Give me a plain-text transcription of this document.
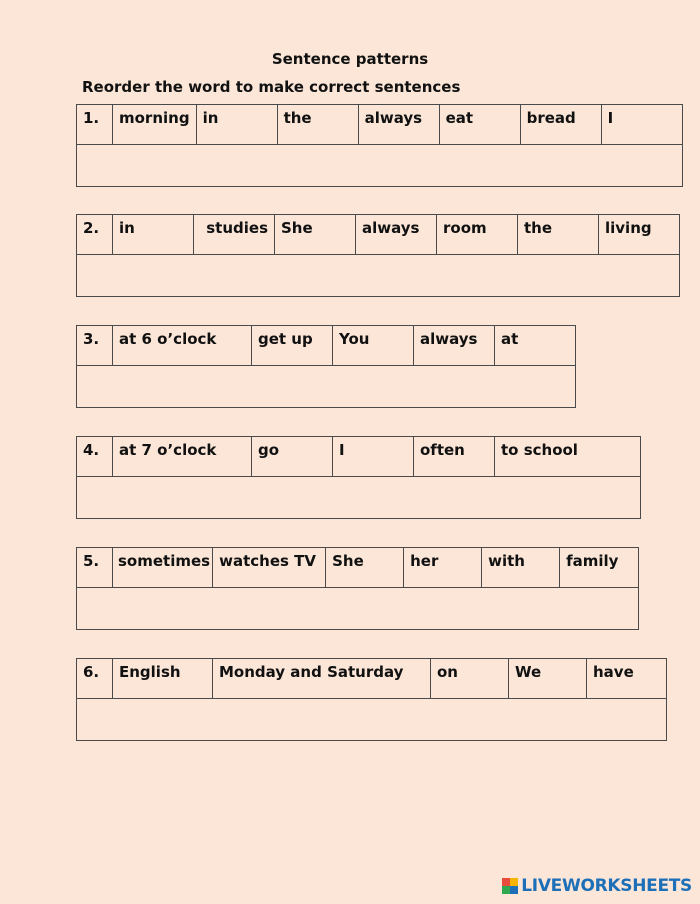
Sentence patterns
Reorder the word to make correct sentences
1.	morning	in	the	always	eat	bread	I

2.	in	studies	She	always	room	the	living

3.	at 6 o’clock	get up	You	always	at

4.	at 7 o’clock	go	I	often	to school

5.	sometimes	watches TV	She	her	with	family

6.	English	Monday and Saturday	on	We	have

LIVEWORKSHEETS
